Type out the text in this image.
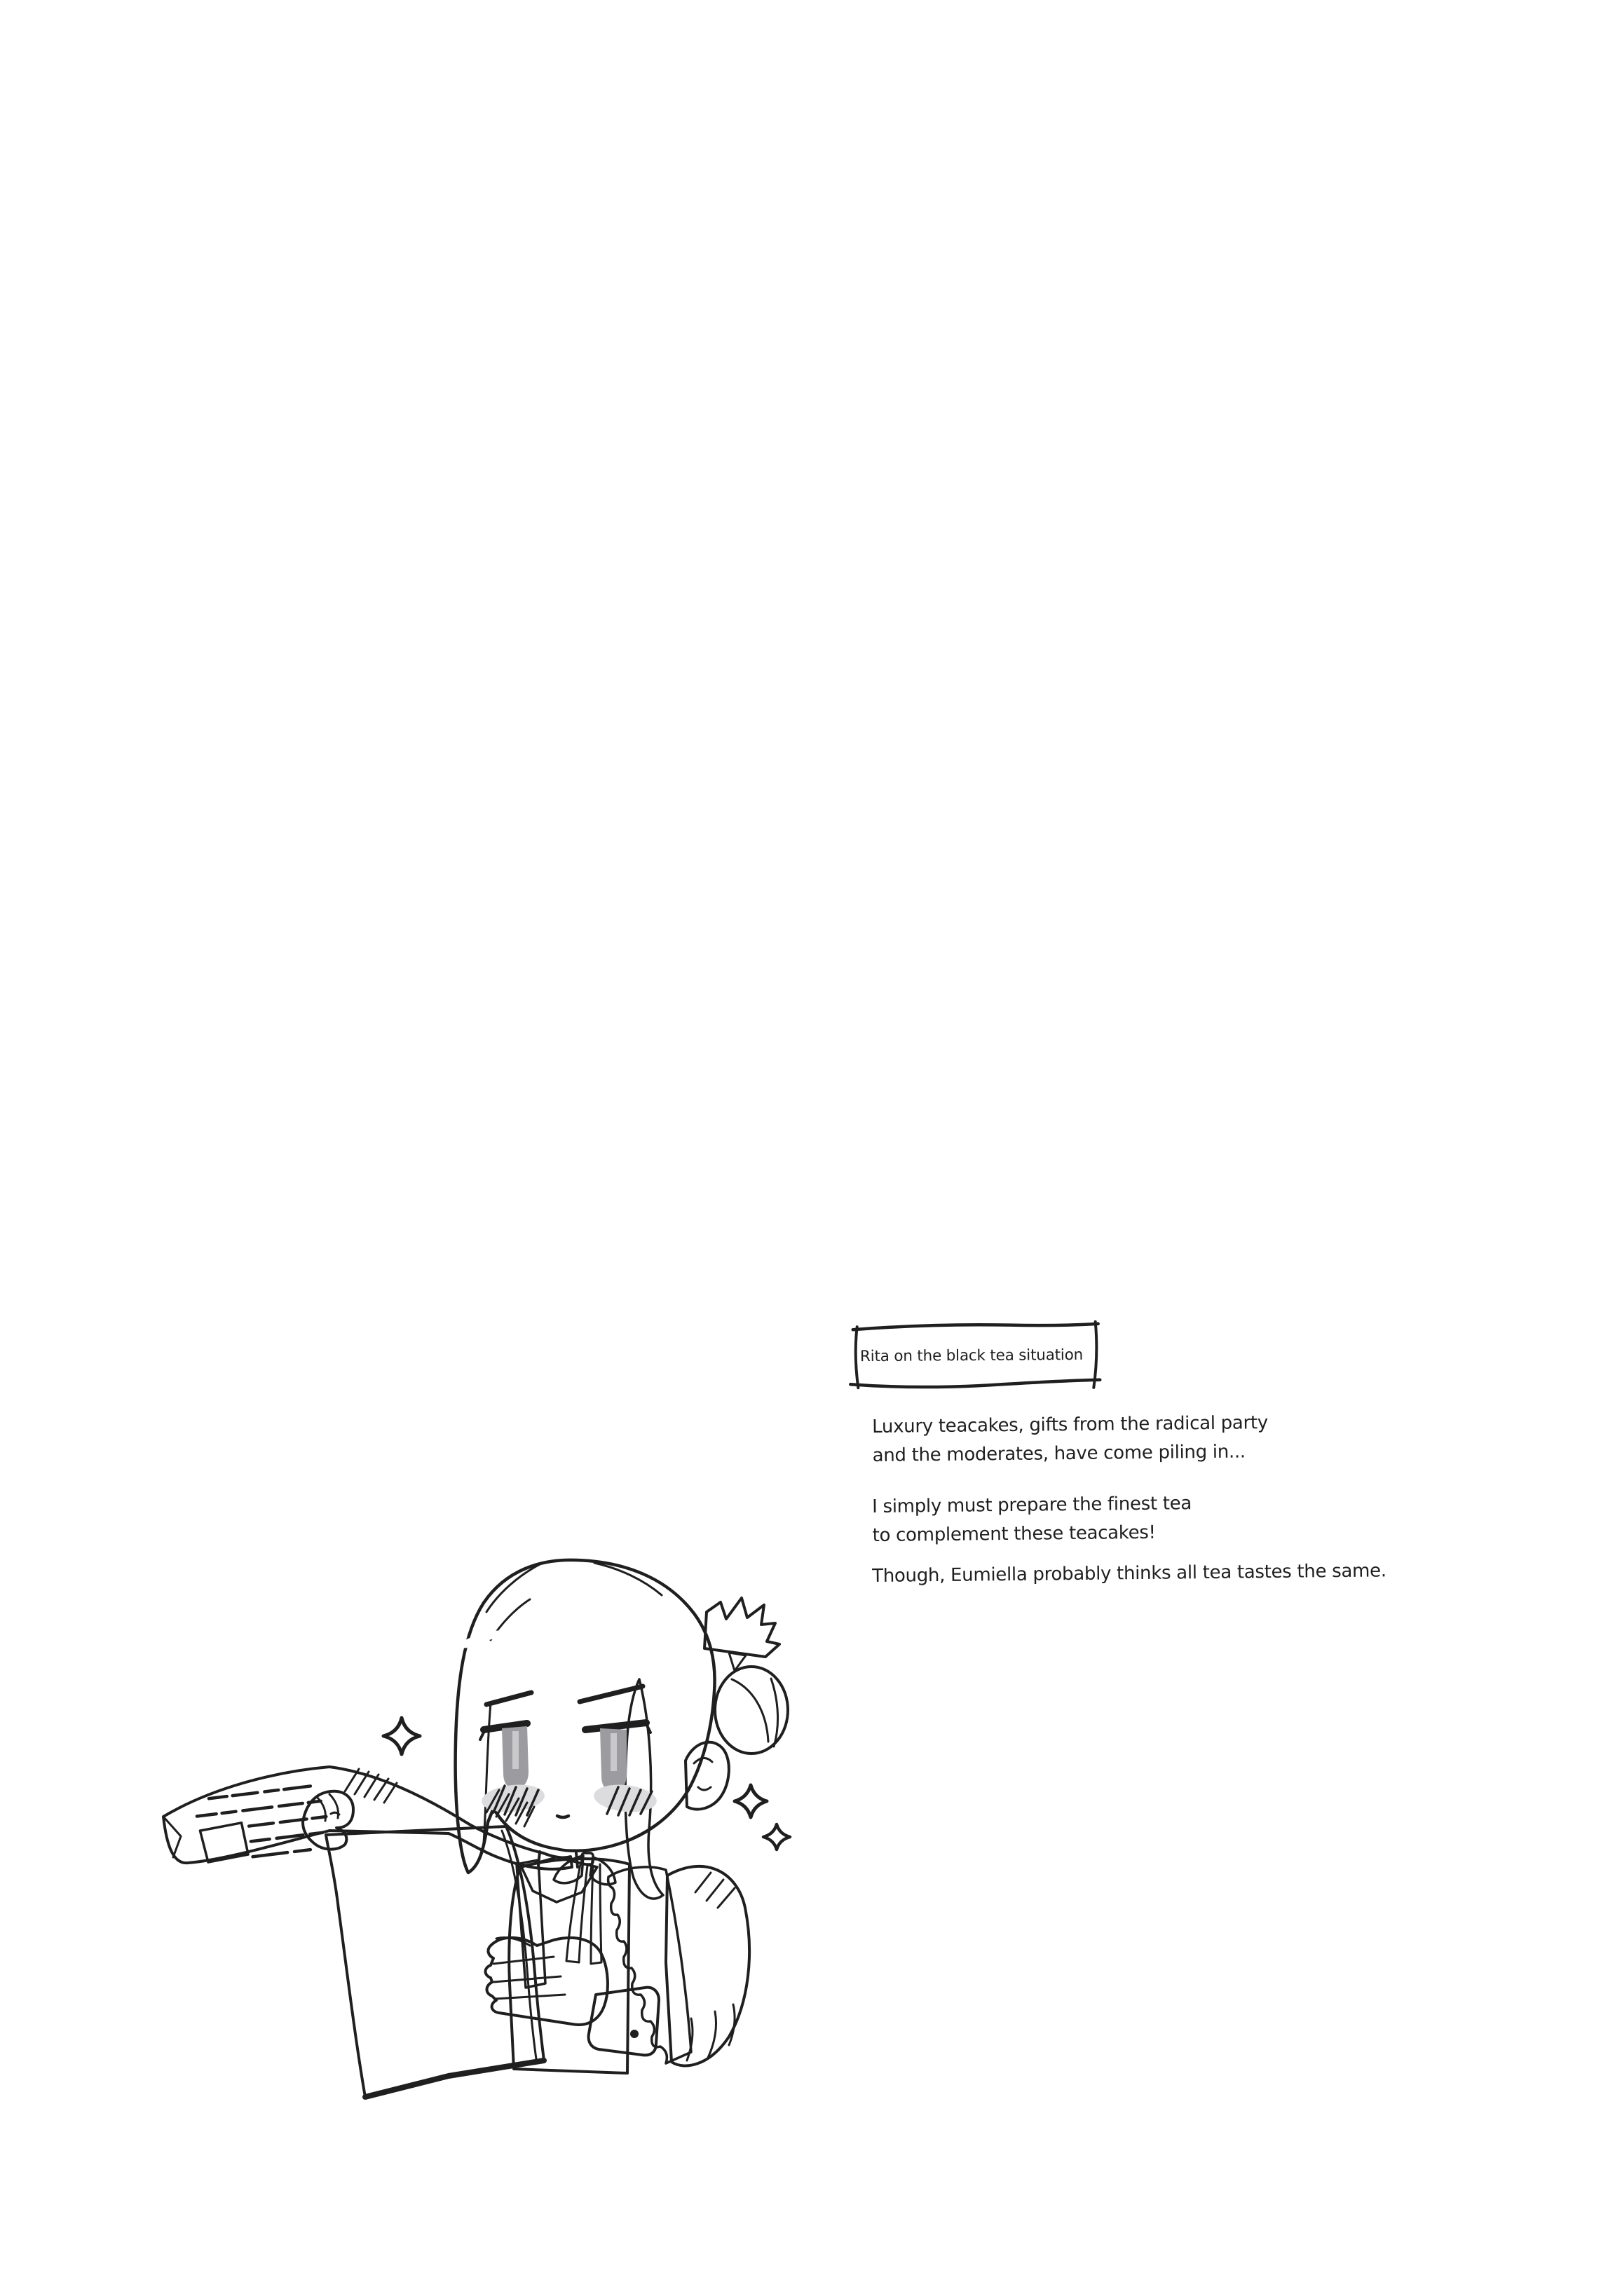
Rita on the black tea situation

Luxury teacakes, gifts from the radical party
and the moderates, have come piling in...

I simply must prepare the finest tea
to complement these teacakes!

Though, Eumiella probably thinks all tea tastes the same.
